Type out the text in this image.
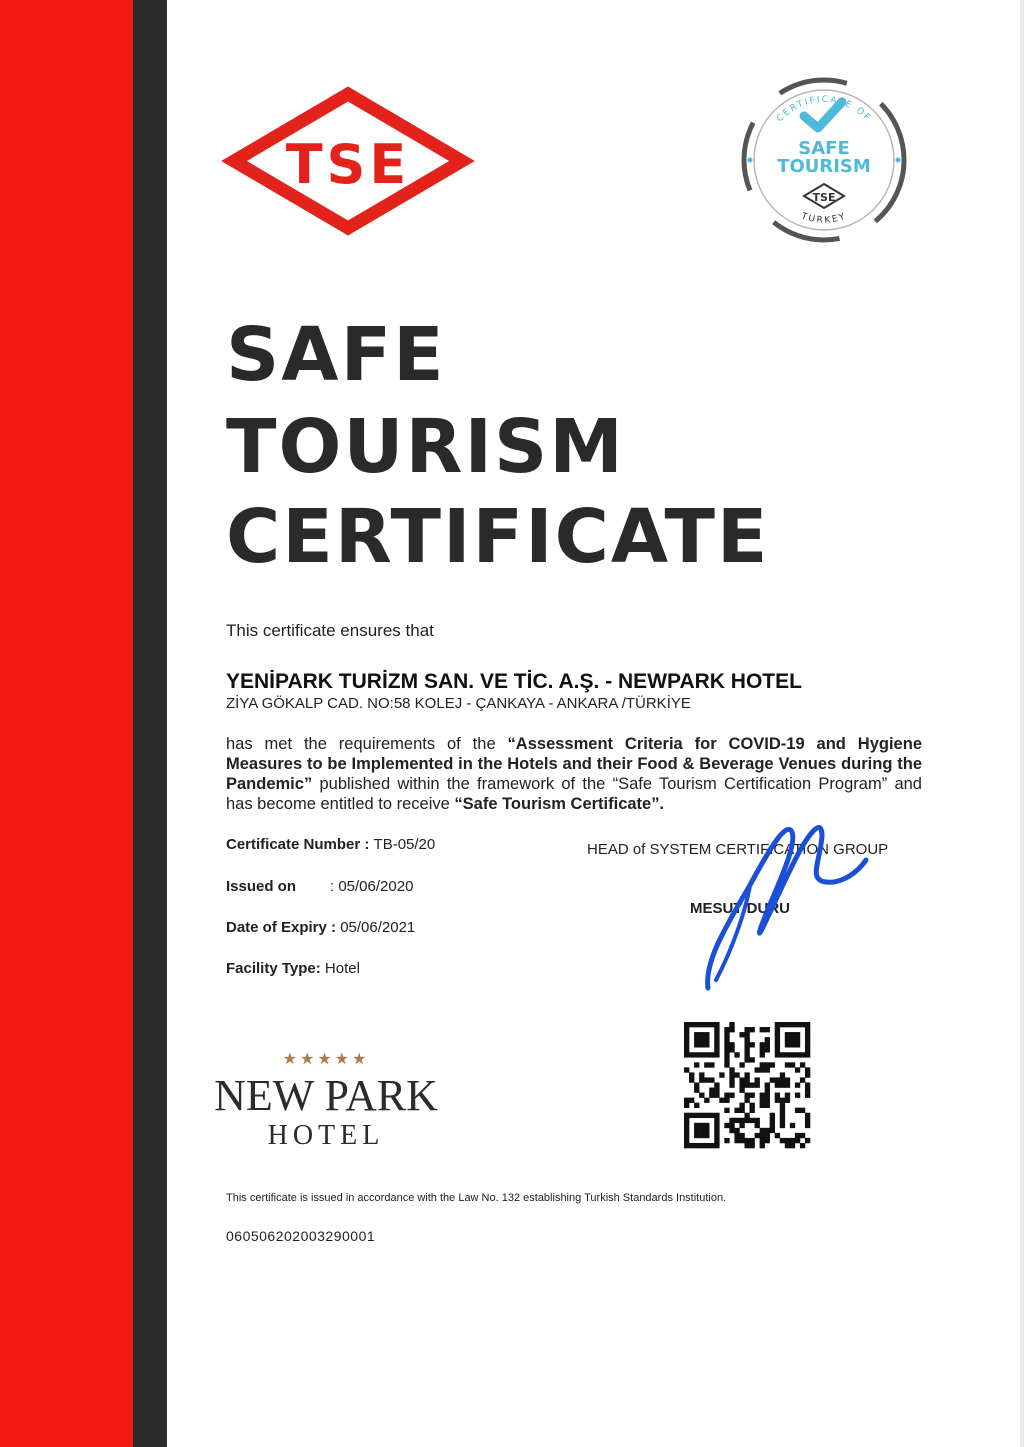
TSE
CERTIFICATE OF
SAFE
TOURISM
TSE
TURKEY
SAFE
TOURISM
CERTIFICATE
This certificate ensures that
YENİPARK TURİZM SAN. VE TİC. A.Ş. - NEWPARK HOTEL
ZİYA GÖKALP CAD. NO:58 KOLEJ - ÇANKAYA - ANKARA /TÜRKİYE

has met the requirements of the “Assessment Criteria for COVID-19 and Hygiene Measures to be Implemented in the Hotels and their Food & Beverage Venues during the Pandemic” published within the framework of the “Safe Tourism Certification Program” and has become entitled to receive “Safe Tourism Certificate”.

Certificate Number : TB-05/20
Issued on : 05/06/2020
Date of Expiry : 05/06/2021
Facility Type: Hotel
HEAD of SYSTEM CERTIFICATION GROUP
MESUT DURU
★★★★★
NEW PARK
HOTEL
This certificate is issued in accordance with the Law No. 132 establishing Turkish Standards Institution.
060506202003290001
